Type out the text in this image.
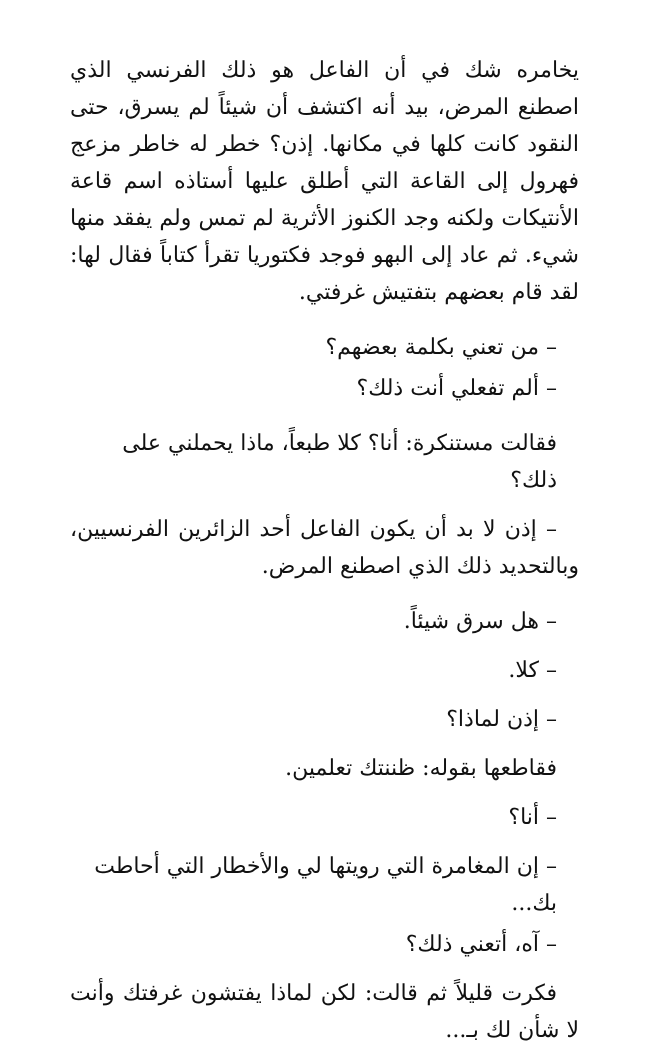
يخامره شك في أن الفاعل هو ذلك الفرنسي الذي اصطنع المرض، بيد أنه اكتشف أن شيئاً لم يسرق، حتى النقود كانت كلها في مكانها. إذن؟ خطر له خاطر مزعج فهرول إلى القاعة التي أطلق عليها أستاذه اسم قاعة الأنتيكات ولكنه وجد الكنوز الأثرية لم تمس ولم يفقد منها شيء. ثم عاد إلى البهو فوجد فكتوريا تقرأ كتاباً فقال لها: لقد قام بعضهم بتفتيش غرفتي.

– من تعني بكلمة بعضهم؟

– ألم تفعلي أنت ذلك؟

فقالت مستنكرة: أنا؟ كلا طبعاً، ماذا يحملني على ذلك؟

– إذن لا بد أن يكون الفاعل أحد الزائرين الفرنسيين، وبالتحديد ذلك الذي اصطنع المرض.

– هل سرق شيئاً.

– كلا.

– إذن لماذا؟

فقاطعها بقوله: ظننتك تعلمين.

– أنا؟

– إن المغامرة التي رويتها لي والأخطار التي أحاطت بك...

– آه، أتعني ذلك؟

فكرت قليلاً ثم قالت: لكن لماذا يفتشون غرفتك وأنت لا شأن لك بـ...
